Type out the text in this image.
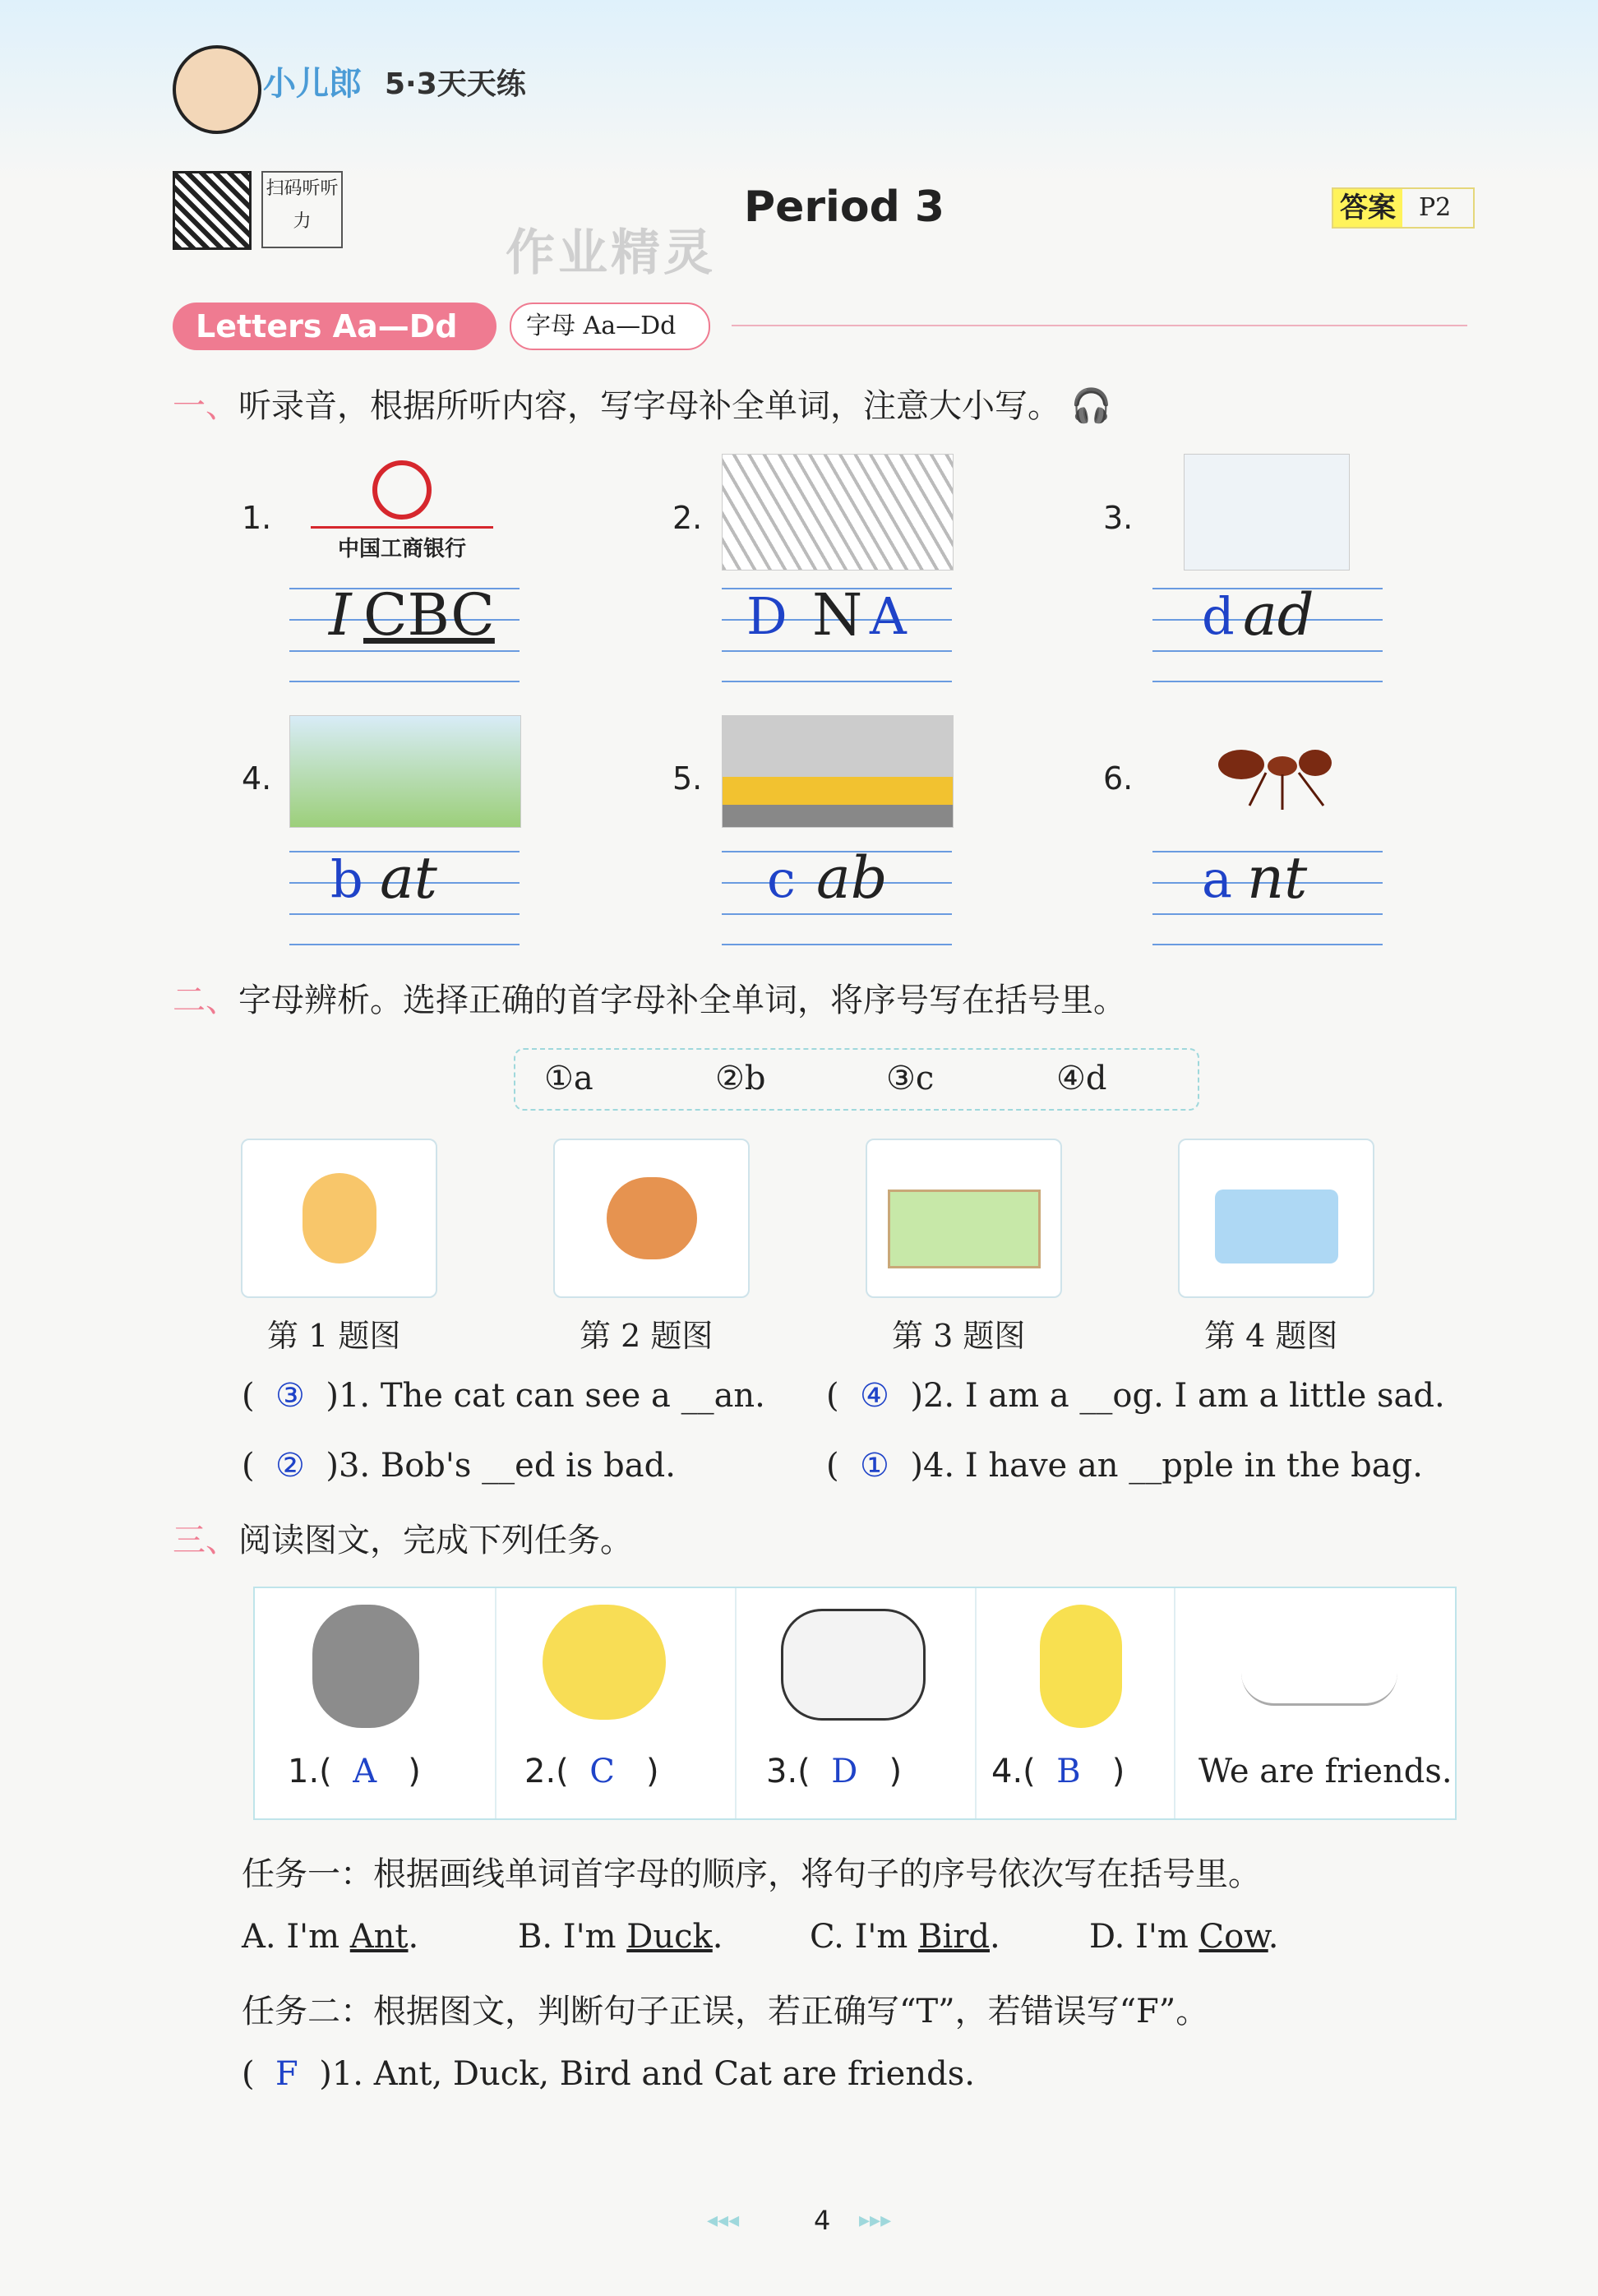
小儿郎 5·3天天练
扫码听听力	Period 3
作业精灵
答案 P2
Letters Aa—Dd	字母 Aa—Dd
一、听录音，根据所听内容，写字母补全单词，注意大小写。 🎧
1.
中国工商银行
I CBC
2.
D N A
3.
d ad
4.
b at
5.
c ab
6.
a nt
二、字母辨析。选择正确的首字母补全单词，将序号写在括号里。
①a	②b	③c	④d
第 1 题图	第 2 题图	第 3 题图	第 4 题图
(  ③ )1. The cat can see a __an. (  ④ )2. I am a __og. I am a little sad.
(  ② )3. Bob's __ed is bad.	(  ① )4. I have an __pple in the bag.
三、阅读图文，完成下列任务。
1.( A )	2.( C )	3.( D )	4.( B ) We are friends.
任务一：根据画线单词首字母的顺序，将句子的序号依次写在括号里。
A. I'm Ant.	B. I'm Duck.	C. I'm Bird.	D. I'm Cow.
任务二：根据图文，判断句子正误，若正确写“T”，若错误写“F”。
(  F )1. Ant, Duck, Bird and Cat are friends.
◂◂◂	4 ▸▸▸
